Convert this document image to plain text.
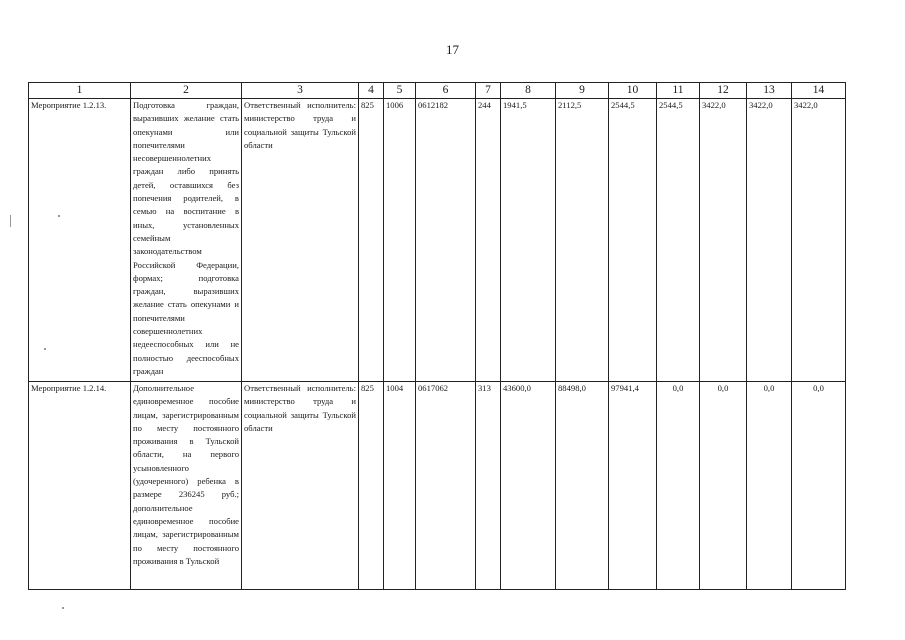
17
1	2	3	4	5	6	7	8	9	10	11	12	13	14
Мероприятие 1.2.13.	Подготовка граждан, выразивших желание стать опекунами или попечителями несовершеннолетних граждан либо принять детей, оставшихся без попечения родителей, в семью на воспитание в иных, установленных семейным законодательством Российской Федерации, формах; подготовка граждан, выразивших желание стать опекунами и попечителями совершеннолетних недееспособных или не полностью дееспособных граждан	Ответственный исполнитель: министерство труда и социальной защиты Тульской области	825	1006	0612182	244	1941,5	2112,5	2544,5	2544,5	3422,0	3422,0	3422,0
Мероприятие 1.2.14.	Дополнительное единовременное пособие лицам, зарегистрированным по месту постоянного проживания в Тульской области, на первого усыновленного (удочеренного) ребенка в размере 236245 руб.; дополнительное единовременное пособие лицам, зарегистрированным по месту постоянного проживания в Тульской	Ответственный исполнитель: министерство труда и социальной защиты Тульской области	825	1004	0617062	313	43600,0	88498,0	97941,4	0,0	0,0	0,0	0,0
